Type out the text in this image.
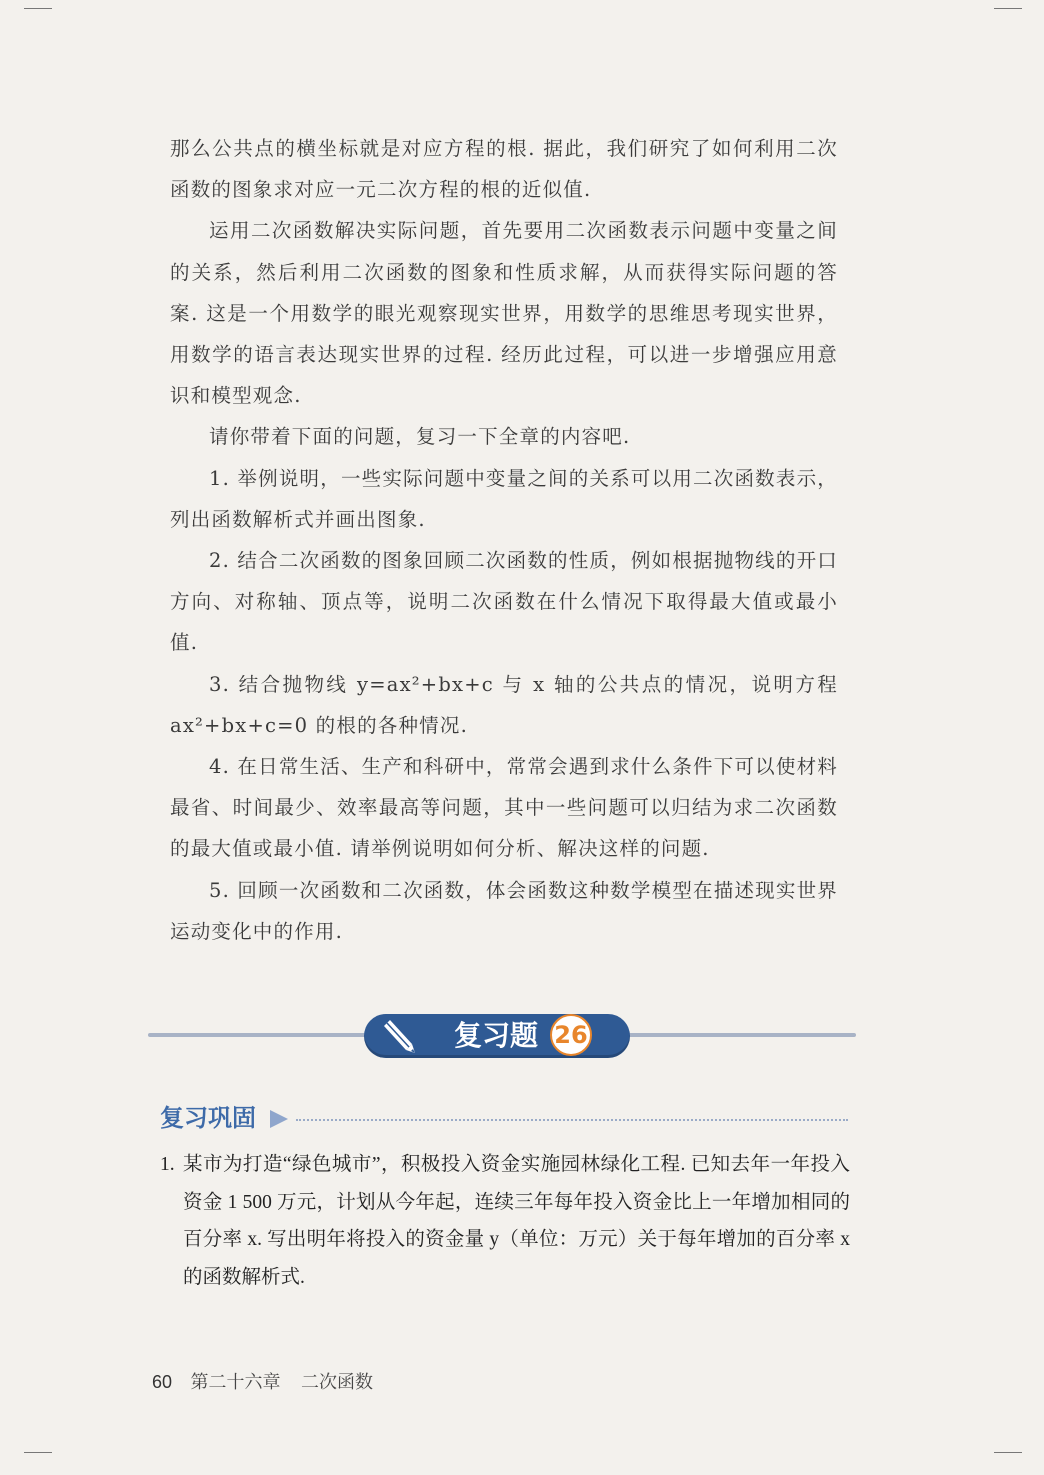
那么公共点的横坐标就是对应方程的根. 据此，我们研究了如何利用二次函数的图象求对应一元二次方程的根的近似值.

运用二次函数解决实际问题，首先要用二次函数表示问题中变量之间的关系，然后利用二次函数的图象和性质求解，从而获得实际问题的答案. 这是一个用数学的眼光观察现实世界，用数学的思维思考现实世界，用数学的语言表达现实世界的过程. 经历此过程，可以进一步增强应用意识和模型观念.

请你带着下面的问题，复习一下全章的内容吧.

1. 举例说明，一些实际问题中变量之间的关系可以用二次函数表示，列出函数解析式并画出图象.

2. 结合二次函数的图象回顾二次函数的性质，例如根据抛物线的开口方向、对称轴、顶点等，说明二次函数在什么情况下取得最大值或最小值.

3. 结合抛物线 y=ax²+bx+c 与 x 轴的公共点的情况，说明方程 ax²+bx+c=0 的根的各种情况.

4. 在日常生活、生产和科研中，常常会遇到求什么条件下可以使材料最省、时间最少、效率最高等问题，其中一些问题可以归结为求二次函数的最大值或最小值. 请举例说明如何分析、解决这样的问题.

5. 回顾一次函数和二次函数，体会函数这种数学模型在描述现实世界运动变化中的作用.

复习题 26
复习巩固
1. 某市为打造“绿色城市”，积极投入资金实施园林绿化工程. 已知去年一年投入资金 1 500 万元，计划从今年起，连续三年每年投入资金比上一年增加相同的百分率 x. 写出明年将投入的资金量 y（单位：万元）关于每年增加的百分率 x 的函数解析式.
60 第二十六章 二次函数
